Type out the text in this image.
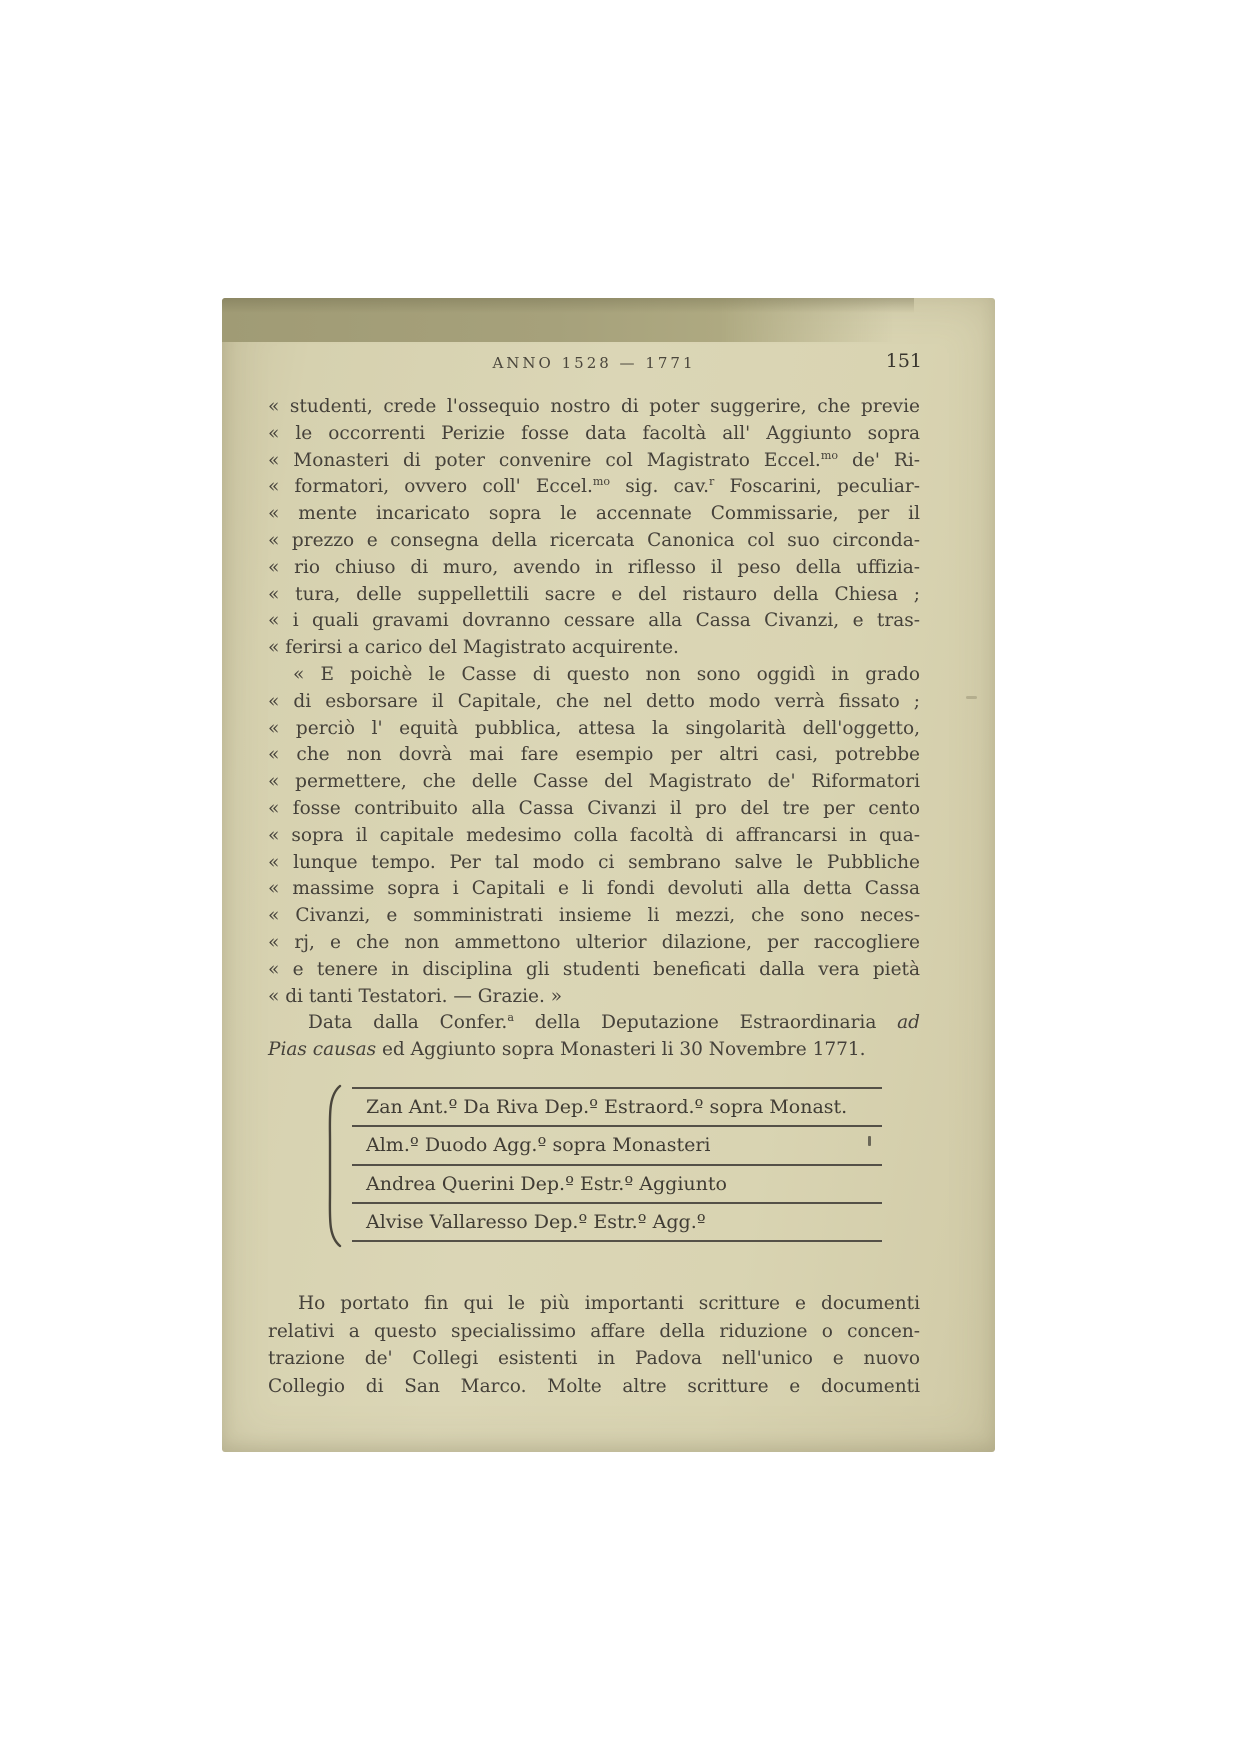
ANNO 1528 — 1771	151
« studenti, crede l'ossequio nostro di poter suggerire, che previe
« le occorrenti Perizie fosse data facoltà all' Aggiunto sopra
« Monasteri di poter convenire col Magistrato Eccel.$^{mo}$ de' Ri-
« formatori, ovvero coll' Eccel.$^{mo}$ sig. cav.$^r$ Foscarini, peculiar-
« mente incaricato sopra le accennate Commissarie, per il
« prezzo e consegna della ricercata Canonica col suo circonda-
« rio chiuso di muro, avendo in riflesso il peso della uffizia-
« tura, delle suppellettili sacre e del ristauro della Chiesa ;
« i quali gravami dovranno cessare alla Cassa Civanzi, e tras-
« ferirsi a carico del Magistrato acquirente.
« E poichè le Casse di questo non sono oggidì in grado
« di esborsare il Capitale, che nel detto modo verrà fissato ;
« perciò l' equità pubblica, attesa la singolarità dell'oggetto,
« che non dovrà mai fare esempio per altri casi, potrebbe
« permettere, che delle Casse del Magistrato de' Riformatori
« fosse contribuito alla Cassa Civanzi il pro del tre per cento
« sopra il capitale medesimo colla facoltà di affrancarsi in qua-
« lunque tempo. Per tal modo ci sembrano salve le Pubbliche
« massime sopra i Capitali e li fondi devoluti alla detta Cassa
« Civanzi, e somministrati insieme li mezzi, che sono neces-
« rj, e che non ammettono ulterior dilazione, per raccogliere
« e tenere in disciplina gli studenti beneficati dalla vera pietà
« di tanti Testatori. — Grazie. »
Data dalla Confer.$^a$ della Deputazione Estraordinaria ad
Pias causas ed Aggiunto sopra Monasteri li 30 Novembre 1771.
Zan Ant.º Da Riva Dep.º Estraord.º sopra Monast.
Alm.º Duodo Agg.º sopra Monasteri
Andrea Querini Dep.º Estr.º Aggiunto
Alvise Vallaresso Dep.º Estr.º Agg.º
Ho portato fin qui le più importanti scritture e documenti
relativi a questo specialissimo affare della riduzione o concen-
trazione de' Collegi esistenti in Padova nell'unico e nuovo
Collegio di San Marco. Molte altre scritture e documenti
